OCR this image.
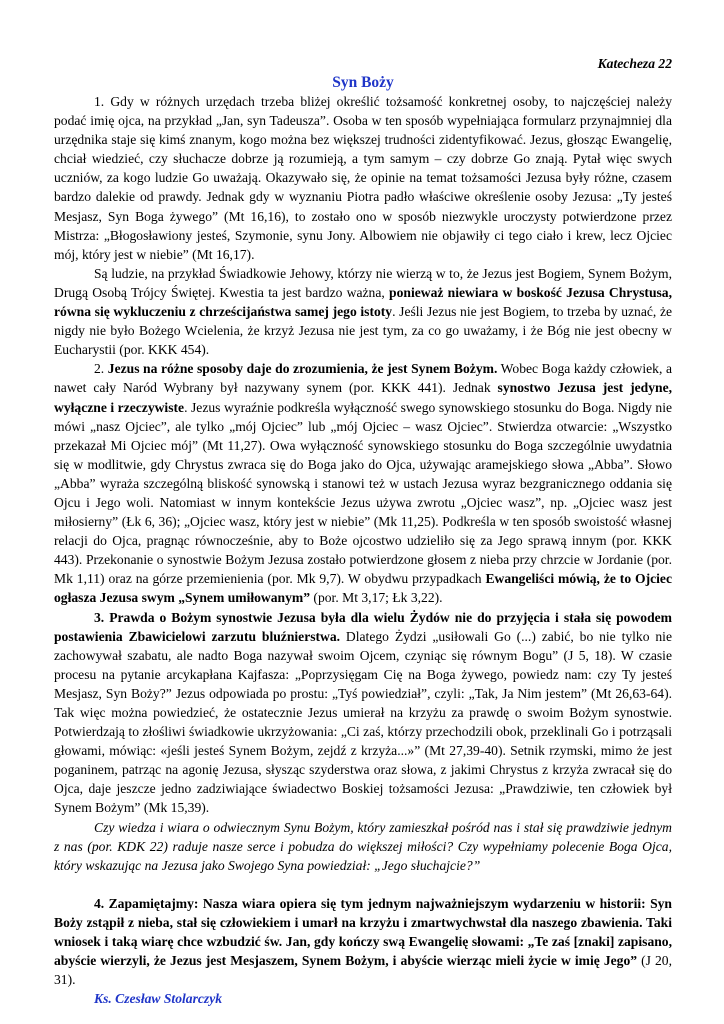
Katecheza 22
Syn Boży

1. Gdy w różnych urzędach trzeba bliżej określić tożsamość konkretnej osoby, to najczęściej należy podać imię ojca, na przykład „Jan, syn Tadeusza”. Osoba w ten sposób wypełniająca formularz przynajmniej dla urzędnika staje się kimś znanym, kogo można bez większej trudności zidentyfikować. Jezus, głosząc Ewangelię, chciał wiedzieć, czy słuchacze dobrze ją rozumieją, a tym samym – czy dobrze Go znają. Pytał więc swych uczniów, za kogo ludzie Go uważają. Okazywało się, że opinie na temat tożsamości Jezusa były różne, czasem bardzo dalekie od prawdy. Jednak gdy w wyznaniu Piotra padło właściwe określenie osoby Jezusa: „Ty jesteś Mesjasz, Syn Boga żywego” (Mt 16,16), to zostało ono w sposób niezwykle uroczysty potwierdzone przez Mistrza: „Błogosławiony jesteś, Szymonie, synu Jony. Albowiem nie objawiły ci tego ciało i krew, lecz Ojciec mój, który jest w niebie” (Mt 16,17).

Są ludzie, na przykład Świadkowie Jehowy, którzy nie wierzą w to, że Jezus jest Bogiem, Synem Bożym, Drugą Osobą Trójcy Świętej. Kwestia ta jest bardzo ważna, ponieważ niewiara w boskość Jezusa Chrystusa, równa się wykluczeniu z chrześcijaństwa samej jego istoty. Jeśli Jezus nie jest Bogiem, to trzeba by uznać, że nigdy nie było Bożego Wcielenia, że krzyż Jezusa nie jest tym, za co go uważamy, i że Bóg nie jest obecny w Eucharystii (por. KKK 454).

2. Jezus na różne sposoby daje do zrozumienia, że jest Synem Bożym. Wobec Boga każdy człowiek, a nawet cały Naród Wybrany był nazywany synem (por. KKK 441). Jednak synostwo Jezusa jest jedyne, wyłączne i rzeczywiste. Jezus wyraźnie podkreśla wyłączność swego synowskiego stosunku do Boga. Nigdy nie mówi „nasz Ojciec”, ale tylko „mój Ojciec” lub „mój Ojciec – wasz Ojciec”. Stwierdza otwarcie: „Wszystko przekazał Mi Ojciec mój” (Mt 11,27). Owa wyłączność synowskiego stosunku do Boga szczególnie uwydatnia się w modlitwie, gdy Chrystus zwraca się do Boga jako do Ojca, używając aramejskiego słowa „Abba”. Słowo „Abba” wyraża szczególną bliskość synowską i stanowi też w ustach Jezusa wyraz bezgranicznego oddania się Ojcu i Jego woli. Natomiast w innym kontekście Jezus używa zwrotu „Ojciec wasz”, np. „Ojciec wasz jest miłosierny” (Łk 6, 36); „Ojciec wasz, który jest w niebie” (Mk 11,25). Podkreśla w ten sposób swoistość własnej relacji do Ojca, pragnąc równocześnie, aby to Boże ojcostwo udzieliło się za Jego sprawą innym (por. KKK 443). Przekonanie o synostwie Bożym Jezusa zostało potwierdzone głosem z nieba przy chrzcie w Jordanie (por. Mk 1,11) oraz na górze przemienienia (por. Mk 9,7). W obydwu przypadkach Ewangeliści mówią, że to Ojciec ogłasza Jezusa swym „Synem umiłowanym” (por. Mt 3,17; Łk 3,22).

3. Prawda o Bożym synostwie Jezusa była dla wielu Żydów nie do przyjęcia i stała się powodem postawienia Zbawicielowi zarzutu bluźnierstwa. Dlatego Żydzi „usiłowali Go (...) zabić, bo nie tylko nie zachowywał szabatu, ale nadto Boga nazywał swoim Ojcem, czyniąc się równym Bogu” (J 5, 18). W czasie procesu na pytanie arcykapłana Kajfasza: „Poprzysięgam Cię na Boga żywego, powiedz nam: czy Ty jesteś Mesjasz, Syn Boży?” Jezus odpowiada po prostu: „Tyś powiedział”, czyli: „Tak, Ja Nim jestem” (Mt 26,63-64). Tak więc można powiedzieć, że ostatecznie Jezus umierał na krzyżu za prawdę o swoim Bożym synostwie. Potwierdzają to złośliwi świadkowie ukrzyżowania: „Ci zaś, którzy przechodzili obok, przeklinali Go i potrząsali głowami, mówiąc: «jeśli jesteś Synem Bożym, zejdź z krzyża...»” (Mt 27,39-40). Setnik rzymski, mimo że jest poganinem, patrząc na agonię Jezusa, słysząc szyderstwa oraz słowa, z jakimi Chrystus z krzyża zwracał się do Ojca, daje jeszcze jedno zadziwiające świadectwo Boskiej tożsamości Jezusa: „Prawdziwie, ten człowiek był Synem Bożym” (Mk 15,39).

Czy wiedza i wiara o odwiecznym Synu Bożym, który zamieszkał pośród nas i stał się prawdziwie jednym z nas (por. KDK 22) raduje nasze serce i pobudza do większej miłości? Czy wypełniamy polecenie Boga Ojca, który wskazując na Jezusa jako Swojego Syna powiedział: „Jego słuchajcie?”

4. Zapamiętajmy: Nasza wiara opiera się tym jednym najważniejszym wydarzeniu w historii: Syn Boży zstąpił z nieba, stał się człowiekiem i umarł na krzyżu i zmartwychwstał dla naszego zbawienia. Taki wniosek i taką wiarę chce wzbudzić św. Jan, gdy kończy swą Ewangelię słowami: „Te zaś [znaki] zapisano, abyście wierzyli, że Jezus jest Mesjaszem, Synem Bożym, i abyście wierząc mieli życie w imię Jego” (J 20, 31).

Ks. Czesław Stolarczyk
